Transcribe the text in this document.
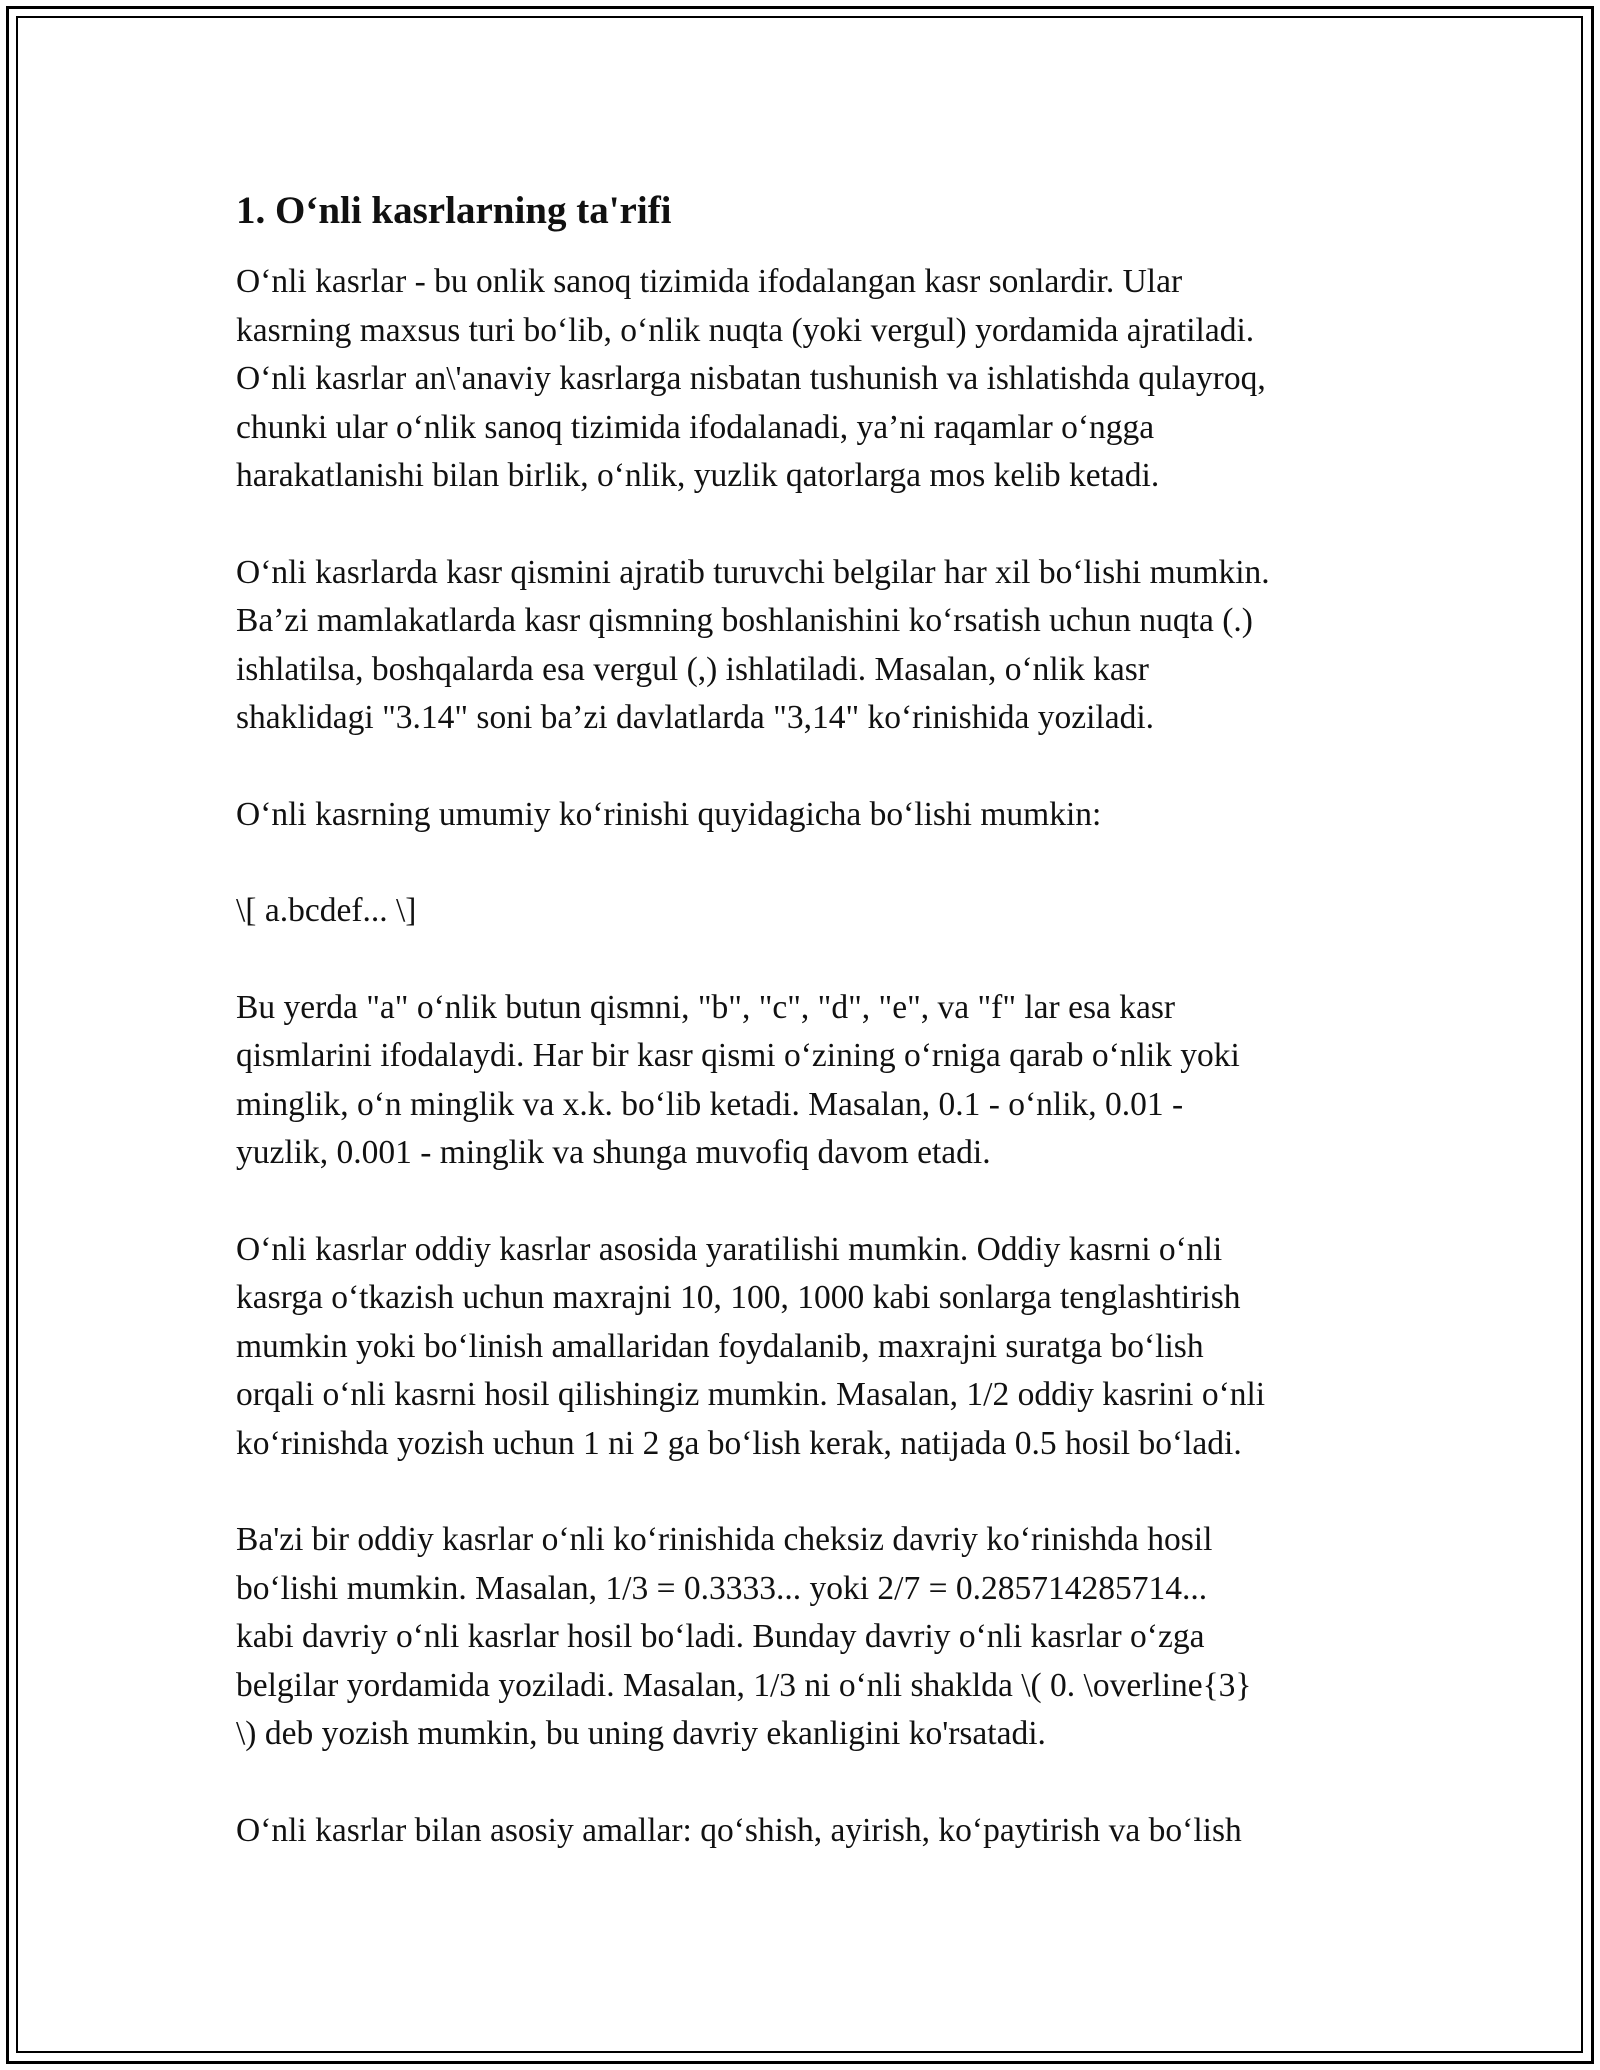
1. O‘nli kasrlarning ta'rifi

O‘nli kasrlar - bu onlik sanoq tizimida ifodalangan kasr sonlardir. Ular
kasrning maxsus turi bo‘lib, o‘nlik nuqta (yoki vergul) yordamida ajratiladi.
O‘nli kasrlar an\'anaviy kasrlarga nisbatan tushunish va ishlatishda qulayroq,
chunki ular o‘nlik sanoq tizimida ifodalanadi, ya’ni raqamlar o‘ngga
harakatlanishi bilan birlik, o‘nlik, yuzlik qatorlarga mos kelib ketadi.

O‘nli kasrlarda kasr qismini ajratib turuvchi belgilar har xil bo‘lishi mumkin.
Ba’zi mamlakatlarda kasr qismning boshlanishini ko‘rsatish uchun nuqta (.)
ishlatilsa, boshqalarda esa vergul (,) ishlatiladi. Masalan, o‘nlik kasr
shaklidagi "3.14" soni ba’zi davlatlarda "3,14" ko‘rinishida yoziladi.

O‘nli kasrning umumiy ko‘rinishi quyidagicha bo‘lishi mumkin:

\[ a.bcdef... \]

Bu yerda "a" o‘nlik butun qismni, "b", "c", "d", "e", va "f" lar esa kasr
qismlarini ifodalaydi. Har bir kasr qismi o‘zining o‘rniga qarab o‘nlik yoki
minglik, o‘n minglik va x.k. bo‘lib ketadi. Masalan, 0.1 - o‘nlik, 0.01 -
yuzlik, 0.001 - minglik va shunga muvofiq davom etadi.

O‘nli kasrlar oddiy kasrlar asosida yaratilishi mumkin. Oddiy kasrni o‘nli
kasrga o‘tkazish uchun maxrajni 10, 100, 1000 kabi sonlarga tenglashtirish
mumkin yoki bo‘linish amallaridan foydalanib, maxrajni suratga bo‘lish
orqali o‘nli kasrni hosil qilishingiz mumkin. Masalan, 1/2 oddiy kasrini o‘nli
ko‘rinishda yozish uchun 1 ni 2 ga bo‘lish kerak, natijada 0.5 hosil bo‘ladi.

Ba'zi bir oddiy kasrlar o‘nli ko‘rinishida cheksiz davriy ko‘rinishda hosil
bo‘lishi mumkin. Masalan, 1/3 = 0.3333... yoki 2/7 = 0.285714285714...
kabi davriy o‘nli kasrlar hosil bo‘ladi. Bunday davriy o‘nli kasrlar o‘zga
belgilar yordamida yoziladi. Masalan, 1/3 ni o‘nli shaklda \( 0. \overline{3}
\) deb yozish mumkin, bu uning davriy ekanligini ko'rsatadi.

O‘nli kasrlar bilan asosiy amallar: qo‘shish, ayirish, ko‘paytirish va bo‘lish
